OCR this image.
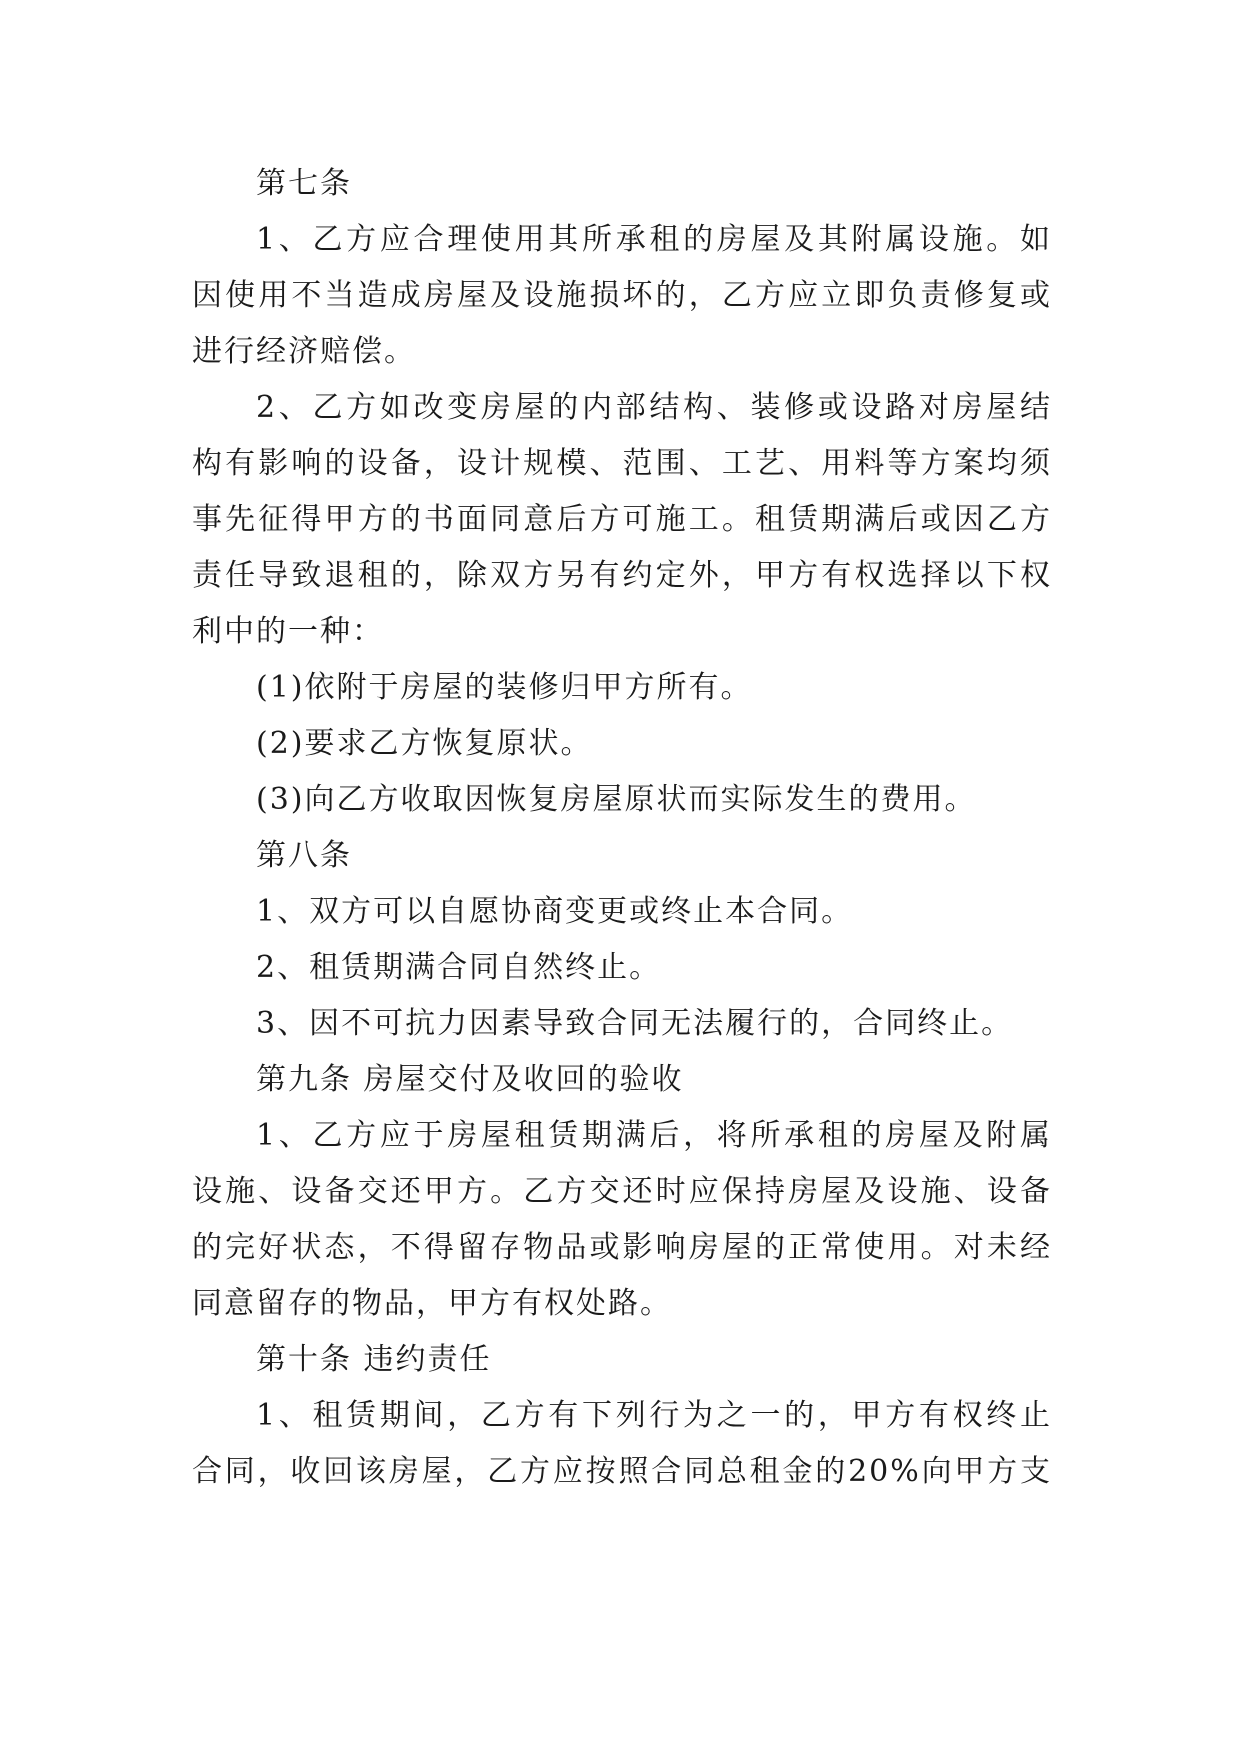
第七条
1、乙方应合理使用其所承租的房屋及其附属设施。如
因使用不当造成房屋及设施损坏的，乙方应立即负责修复或
进行经济赔偿。
2、乙方如改变房屋的内部结构、装修或设路对房屋结
构有影响的设备，设计规模、范围、工艺、用料等方案均须
事先征得甲方的书面同意后方可施工。租赁期满后或因乙方
责任导致退租的，除双方另有约定外，甲方有权选择以下权
利中的一种：
(1)依附于房屋的装修归甲方所有。
(2)要求乙方恢复原状。
(3)向乙方收取因恢复房屋原状而实际发生的费用。
第八条
1、双方可以自愿协商变更或终止本合同。
2、租赁期满合同自然终止。
3、因不可抗力因素导致合同无法履行的，合同终止。
第九条 房屋交付及收回的验收
1、乙方应于房屋租赁期满后，将所承租的房屋及附属
设施、设备交还甲方。乙方交还时应保持房屋及设施、设备
的完好状态，不得留存物品或影响房屋的正常使用。对未经
同意留存的物品，甲方有权处路。
第十条 违约责任
1、租赁期间，乙方有下列行为之一的，甲方有权终止
合同，收回该房屋，乙方应按照合同总租金的20%向甲方支
